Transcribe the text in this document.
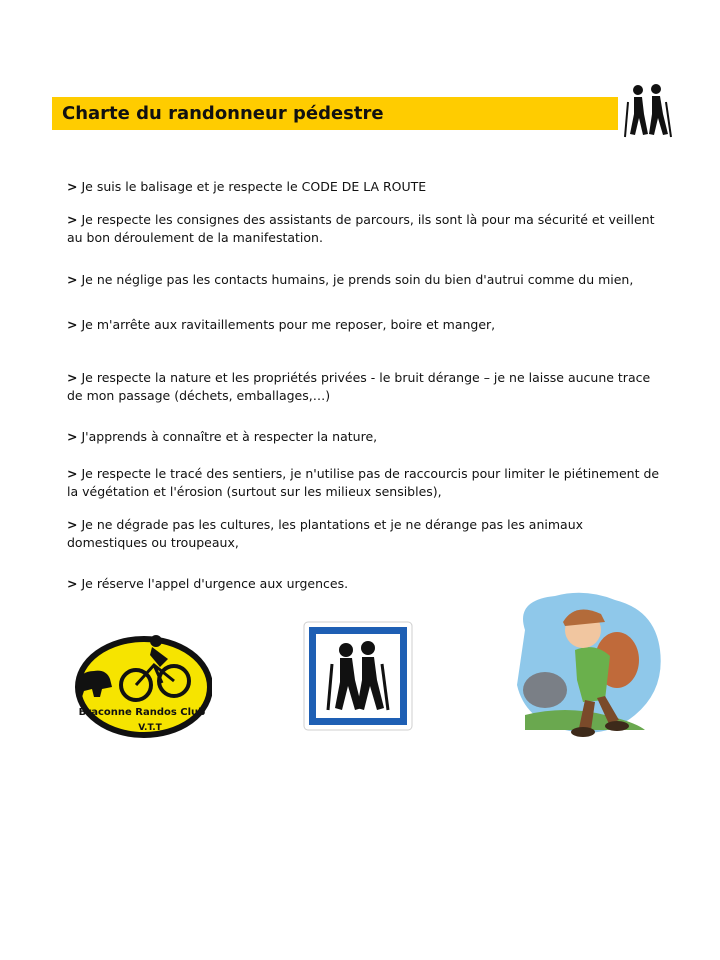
Charte du randonneur pédestre
> Je suis le balisage et je respecte le CODE DE LA ROUTE
> Je respecte les consignes des assistants de parcours, ils sont là pour ma sécurité et veillent au bon déroulement de la manifestation.
> Je ne néglige pas les contacts humains, je prends soin du bien d'autrui comme du mien,
> Je m'arrête aux ravitaillements pour me reposer, boire et manger,
> Je respecte la nature et les propriétés privées - le bruit dérange – je ne laisse aucune trace de mon passage (déchets, emballages,…)
> J'apprends à connaître et à respecter la nature,
> Je respecte le tracé des sentiers, je n'utilise pas de raccourcis pour limiter le piétinement de la végétation et l'érosion (surtout sur les milieux sensibles),
> Je ne dégrade pas les cultures, les plantations et je ne dérange pas les animaux domestiques ou troupeaux,
> Je réserve l'appel d'urgence aux urgences.
Braconne Randos Club
V.T.T
